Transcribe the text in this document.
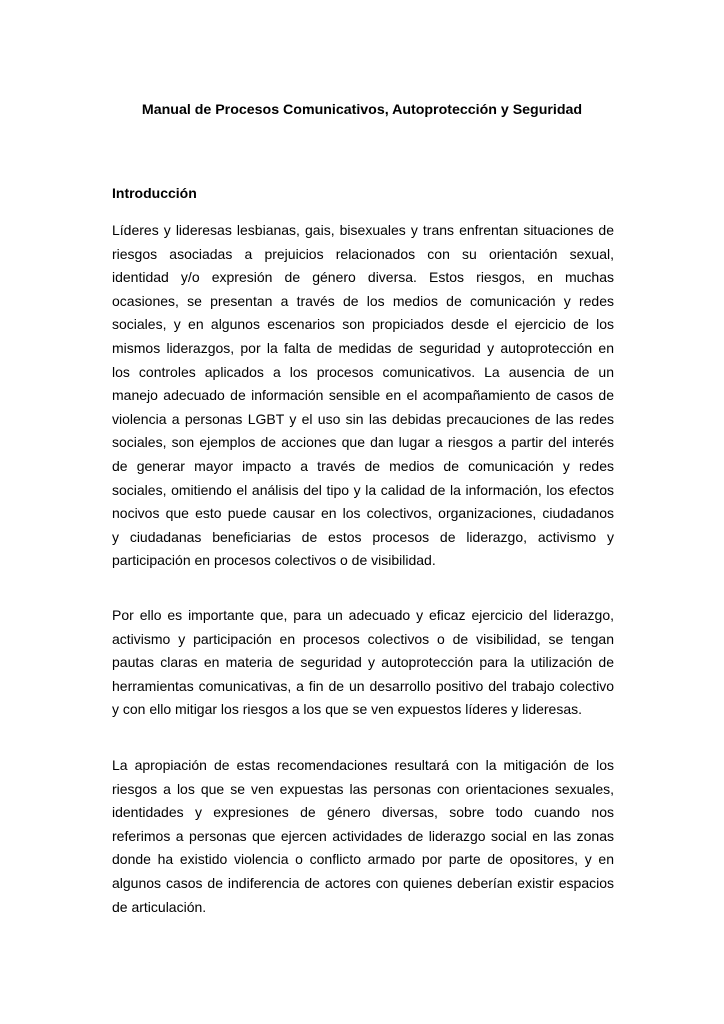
Manual de Procesos Comunicativos, Autoprotección y Seguridad
Introducción

Líderes y lideresas lesbianas, gais, bisexuales y trans enfrentan situaciones de
riesgos asociadas a prejuicios relacionados con su orientación sexual,
identidad y/o expresión de género diversa. Estos riesgos, en muchas
ocasiones, se presentan a través de los medios de comunicación y redes
sociales, y en algunos escenarios son propiciados desde el ejercicio de los
mismos liderazgos, por la falta de medidas de seguridad y autoprotección en
los controles aplicados a los procesos comunicativos. La ausencia de un
manejo adecuado de información sensible en el acompañamiento de casos de
violencia a personas LGBT y el uso sin las debidas precauciones de las redes
sociales, son ejemplos de acciones que dan lugar a riesgos a partir del interés
de generar mayor impacto a través de medios de comunicación y redes
sociales, omitiendo el análisis del tipo y la calidad de la información, los efectos
nocivos que esto puede causar en los colectivos, organizaciones, ciudadanos
y ciudadanas beneficiarias de estos procesos de liderazgo, activismo y
participación en procesos colectivos o de visibilidad.

Por ello es importante que, para un adecuado y eficaz ejercicio del liderazgo,
activismo y participación en procesos colectivos o de visibilidad, se tengan
pautas claras en materia de seguridad y autoprotección para la utilización de
herramientas comunicativas, a fin de un desarrollo positivo del trabajo colectivo
y con ello mitigar los riesgos a los que se ven expuestos líderes y lideresas.

La apropiación de estas recomendaciones resultará con la mitigación de los
riesgos a los que se ven expuestas las personas con orientaciones sexuales,
identidades y expresiones de género diversas, sobre todo cuando nos
referimos a personas que ejercen actividades de liderazgo social en las zonas
donde ha existido violencia o conflicto armado por parte de opositores, y en
algunos casos de indiferencia de actores con quienes deberían existir espacios
de articulación.
